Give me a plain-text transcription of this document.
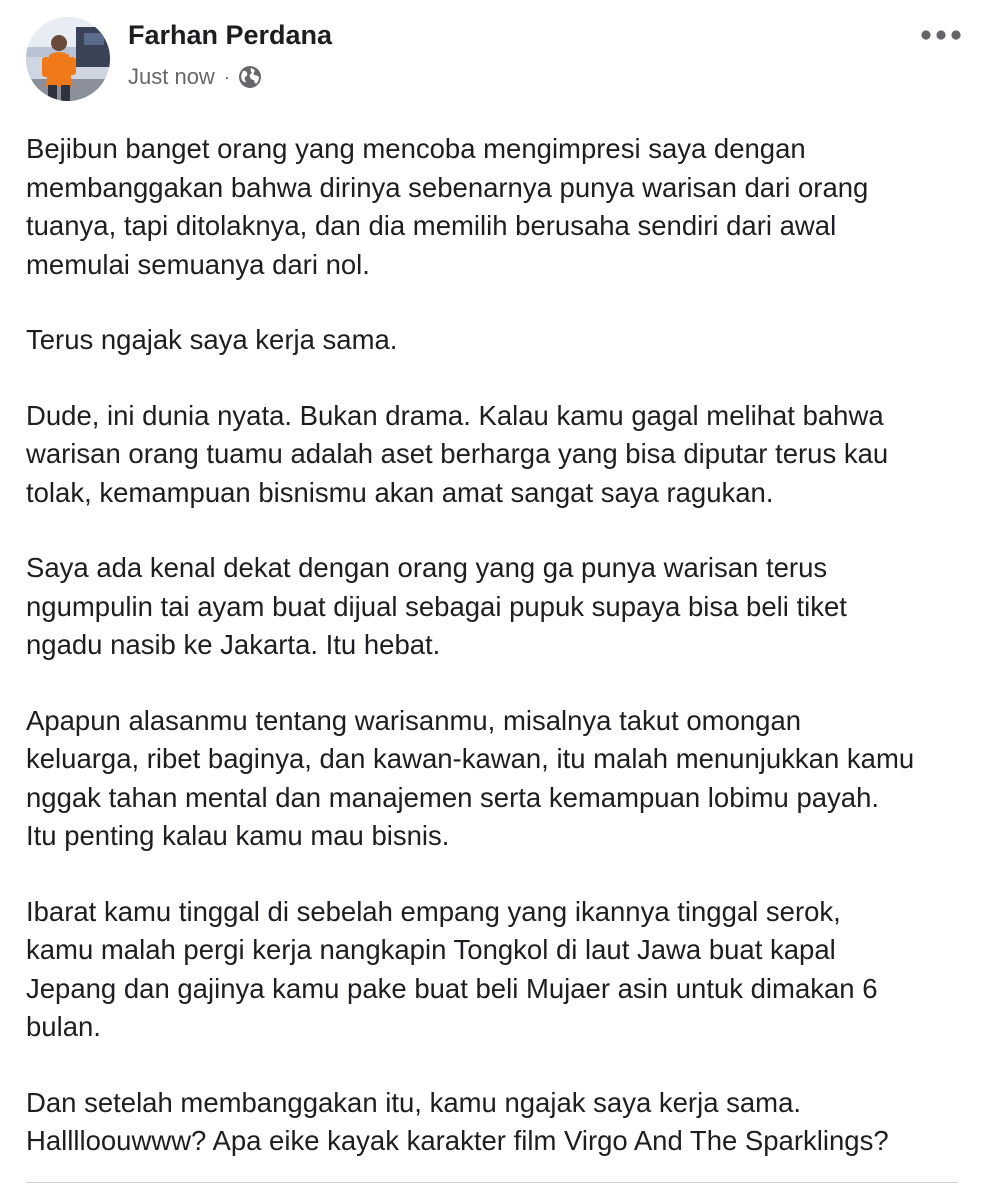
Farhan Perdana
Just now ·

Bejibun banget orang yang mencoba mengimpresi saya dengan
membanggakan bahwa dirinya sebenarnya punya warisan dari orang
tuanya, tapi ditolaknya, dan dia memilih berusaha sendiri dari awal
memulai semuanya dari nol.

Terus ngajak saya kerja sama.

Dude, ini dunia nyata. Bukan drama. Kalau kamu gagal melihat bahwa
warisan orang tuamu adalah aset berharga yang bisa diputar terus kau
tolak, kemampuan bisnismu akan amat sangat saya ragukan.

Saya ada kenal dekat dengan orang yang ga punya warisan terus
ngumpulin tai ayam buat dijual sebagai pupuk supaya bisa beli tiket
ngadu nasib ke Jakarta. Itu hebat.

Apapun alasanmu tentang warisanmu, misalnya takut omongan
keluarga, ribet baginya, dan kawan-kawan, itu malah menunjukkan kamu
nggak tahan mental dan manajemen serta kemampuan lobimu payah.
Itu penting kalau kamu mau bisnis.

Ibarat kamu tinggal di sebelah empang yang ikannya tinggal serok,
kamu malah pergi kerja nangkapin Tongkol di laut Jawa buat kapal
Jepang dan gajinya kamu pake buat beli Mujaer asin untuk dimakan 6
bulan.

Dan setelah membanggakan itu, kamu ngajak saya kerja sama.
Halllloouwww? Apa eike kayak karakter film Virgo And The Sparklings?
